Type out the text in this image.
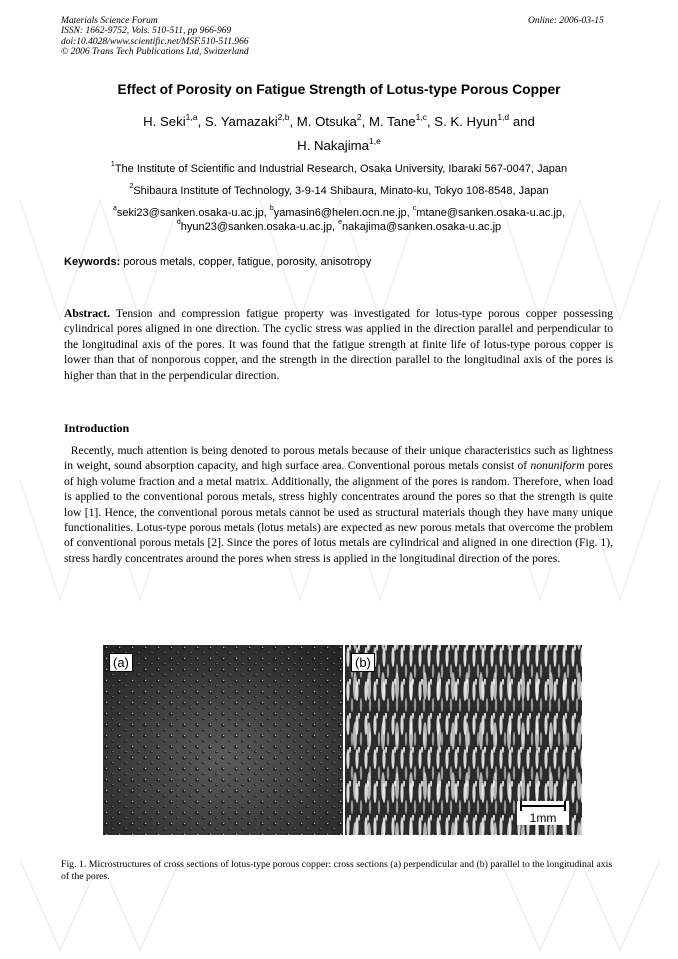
Materials Science Forum
ISSN: 1662-9752, Vols. 510-511, pp 966-969
doi:10.4028/www.scientific.net/MSF.510-511.966
© 2006 Trans Tech Publications Ltd, Switzerland
Online: 2006-03-15
Effect of Porosity on Fatigue Strength of Lotus-type Porous Copper
H. Seki$^{1,a}$, S. Yamazaki$^{2,b}$, M. Otsuka$^2$, M. Tane$^{1,c}$, S. K. Hyun$^{1,d}$ and
H. Nakajima$^{1,e}$
$^1$The Institute of Scientific and Industrial Research, Osaka University, Ibaraki 567-0047, Japan
$^2$Shibaura Institute of Technology, 3-9-14 Shibaura, Minato-ku, Tokyo 108-8548, Japan
$^a$seki23@sanken.osaka-u.ac.jp, $^b$yamasin6@helen.ocn.ne.jp, $^c$mtane@sanken.osaka-u.ac.jp,
$^d$hyun23@sanken.osaka-u.ac.jp, $^e$nakajima@sanken.osaka-u.ac.jp
Keywords: porous metals, copper, fatigue, porosity, anisotropy
Abstract. Tension and compression fatigue property was investigated for lotus-type porous copper possessing cylindrical pores aligned in one direction. The cyclic stress was applied in the direction parallel and perpendicular to the longitudinal axis of the pores. It was found that the fatigue strength at finite life of lotus-type porous copper is lower than that of nonporous copper, and the strength in the direction parallel to the longitudinal axis of the pores is higher than that in the perpendicular direction.
Introduction
Recently, much attention is being denoted to porous metals because of their unique characteristics such as lightness in weight, sound absorption capacity, and high surface area. Conventional porous metals consist of nonuniform pores of high volume fraction and a metal matrix. Additionally, the alignment of the pores is random. Therefore, when load is applied to the conventional porous metals, stress highly concentrates around the pores so that the strength is quite low [1]. Hence, the conventional porous metals cannot be used as structural materials though they have many unique functionalities. Lotus-type porous metals (lotus metals) are expected as new porous metals that overcome the problem of conventional porous metals [2]. Since the pores of lotus metals are cylindrical and aligned in one direction (Fig. 1), stress hardly concentrates around the pores when stress is applied in the longitudinal direction of the pores.
(a)	(b)
1mm
Fig. 1. Microstructures of cross sections of lotus-type porous copper: cross sections (a) perpendicular and (b) parallel to the longitudinal axis of the pores.
